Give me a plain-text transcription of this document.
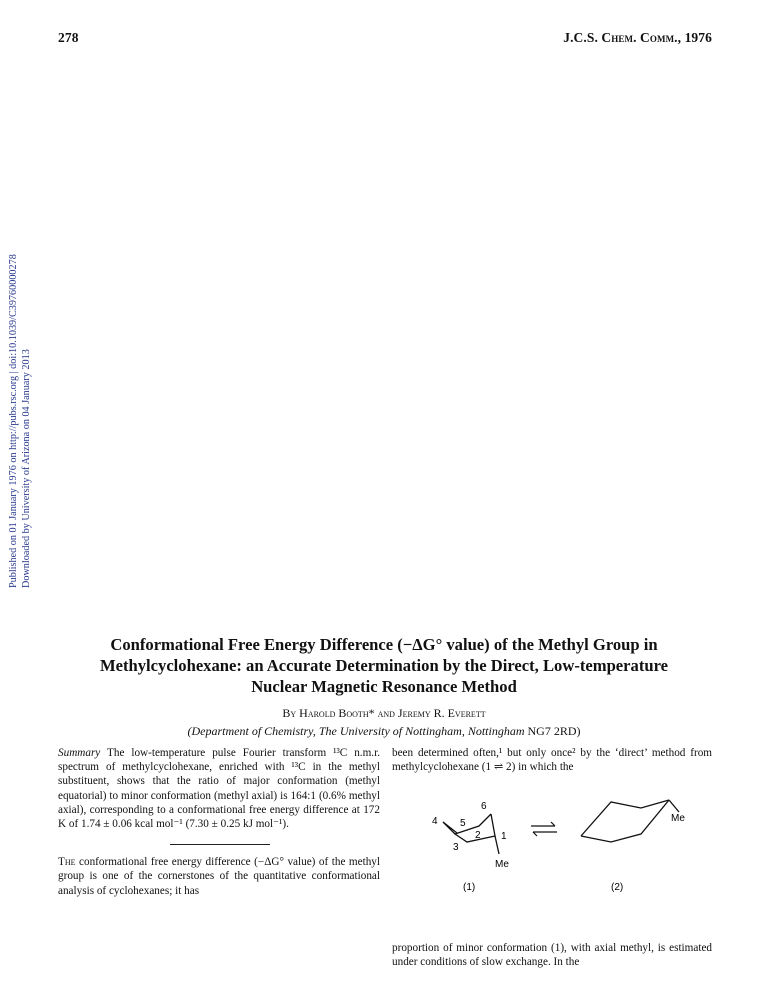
278	J.C.S. Chem. Comm., 1976
Published on 01 January 1976 on http://pubs.rsc.org | doi:10.1039/C39760000278 Downloaded by University of Arizona on 04 January 2013
Conformational Free Energy Difference (−ΔG° value) of the Methyl Group in
Methylcyclohexane: an Accurate Determination by the Direct, Low-temperature
Nuclear Magnetic Resonance Method
By Harold Booth* and Jeremy R. Everett
(Department of Chemistry, The University of Nottingham, Nottingham NG7 2RD)
Summary The low-temperature pulse Fourier transform ¹³C n.m.r. spectrum of methylcyclohexane, enriched with ¹³C in the methyl substituent, shows that the ratio of major conformation (methyl equatorial) to minor conformation (methyl axial) is 164:1 (0.6% methyl axial), corresponding to a conformational free energy difference at 172 K of 1.74 ± 0.06 kcal mol⁻¹ (7.30 ± 0.25 kJ mol⁻¹).

The conformational free energy difference (−ΔG° value) of the methyl group is one of the cornerstones of the quantitative conformational analysis of cyclohexanes; it has

been determined often,¹ but only once² by the ‘direct’ method from methylcyclohexane (1 ⇌ 2) in which the
4 5
6
3
2 1
Me
(1)
Me
(2)
proportion of minor conformation (1), with axial methyl, is estimated under conditions of slow exchange. In the
